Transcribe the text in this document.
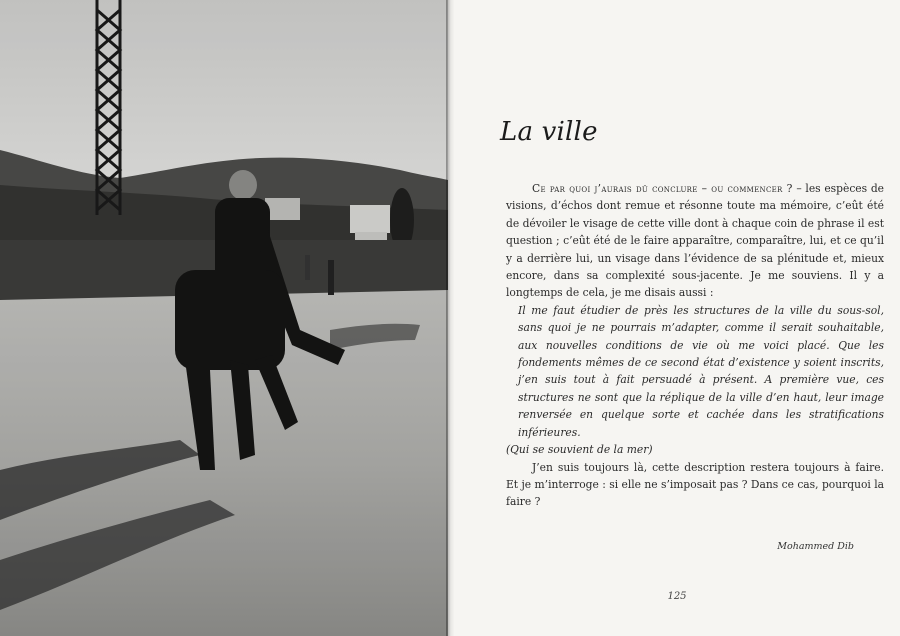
La ville

Ce par quoi j’aurais dû conclure – ou commencer ? – les espèces de visions, d’échos dont remue et résonne toute ma mémoire, c’eût été de dévoiler le visage de cette ville dont à chaque coin de phrase il est question ; c’eût été de le faire apparaître, comparaître, lui, et ce qu’il y a derrière lui, un visage dans l’évidence de sa plénitude et, mieux encore, dans sa complexité sous-jacente. Je me souviens. Il y a longtemps de cela, je me disais aussi :

Il me faut étudier de près les structures de la ville du sous-sol, sans quoi je ne pourrais m’adapter, comme il serait souhaitable, aux nouvelles conditions de vie où me voici placé. Que les fondements mêmes de ce second état d’existence y soient inscrits, j’en suis tout à fait persuadé à présent. A première vue, ces structures ne sont que la réplique de la ville d’en haut, leur image renversée en quelque sorte et cachée dans les stratifications inférieures.

(Qui se souvient de la mer)

J’en suis toujours là, cette description restera toujours à faire. Et je m’interroge : si elle ne s’imposait pas ? Dans ce cas, pourquoi la faire ?

Mohammed Dib
125
